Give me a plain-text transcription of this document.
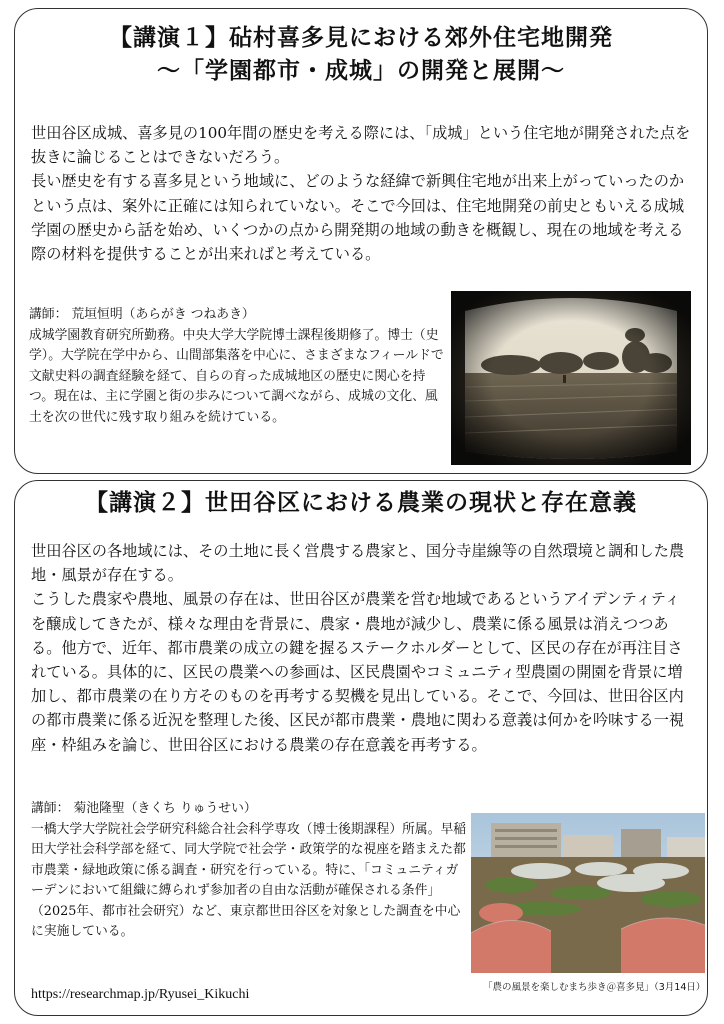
【講演１】砧村喜多見における郊外住宅地開発
〜「学園都市・成城」の開発と展開〜

世田谷区成城、喜多見の100年間の歴史を考える際には、「成城」という住宅地が開発された点を抜きに論じることはできないだろう。

長い歴史を有する喜多見という地域に、どのような経緯で新興住宅地が出来上がっていったのかという点は、案外に正確には知られていない。そこで今回は、住宅地開発の前史ともいえる成城学園の歴史から話を始め、いくつかの点から開発期の地域の動きを概観し、現在の地域を考える際の材料を提供することが出来ればと考えている。

講師： 荒垣恒明（あらがき つねあき）

成城学園教育研究所勤務。中央大学大学院博士課程後期修了。博士（史学）。大学院在学中から、山間部集落を中心に、さまざまなフィールドで文献史料の調査経験を経て、自らの育った成城地区の歴史に関心を持つ。現在は、主に学園と街の歩みについて調べながら、成城の文化、風土を次の世代に残す取り組みを続けている。

【講演２】世田谷区における農業の現状と存在意義

世田谷区の各地域には、その土地に長く営農する農家と、国分寺崖線等の自然環境と調和した農地・風景が存在する。

こうした農家や農地、風景の存在は、世田谷区が農業を営む地域であるというアイデンティティを醸成してきたが、様々な理由を背景に、農家・農地が減少し、農業に係る風景は消えつつある。他方で、近年、都市農業の成立の鍵を握るステークホルダーとして、区民の存在が再注目されている。具体的に、区民の農業への参画は、区民農園やコミュニティ型農園の開園を背景に増加し、都市農業の在り方そのものを再考する契機を見出している。そこで、今回は、世田谷区内の都市農業に係る近況を整理した後、区民が都市農業・農地に関わる意義は何かを吟味する一視座・枠組みを論じ、世田谷区における農業の存在意義を再考する。

講師： 菊池隆聖（きくち りゅうせい）

一橋大学大学院社会学研究科総合社会科学専攻（博士後期課程）所属。早稲田大学社会科学部を経て、同大学院で社会学・政策学的な視座を踏まえた都市農業・緑地政策に係る調査・研究を行っている。特に、「コミュニティガーデンにおいて組織に縛られず参加者の自由な活動が確保される条件」（2025年、都市社会研究）など、東京都世田谷区を対象とした調査を中心に実施している。

https://researchmap.jp/Ryusei_Kikuchi	「農の風景を楽しむまち歩き＠喜多見」（3月14日）
